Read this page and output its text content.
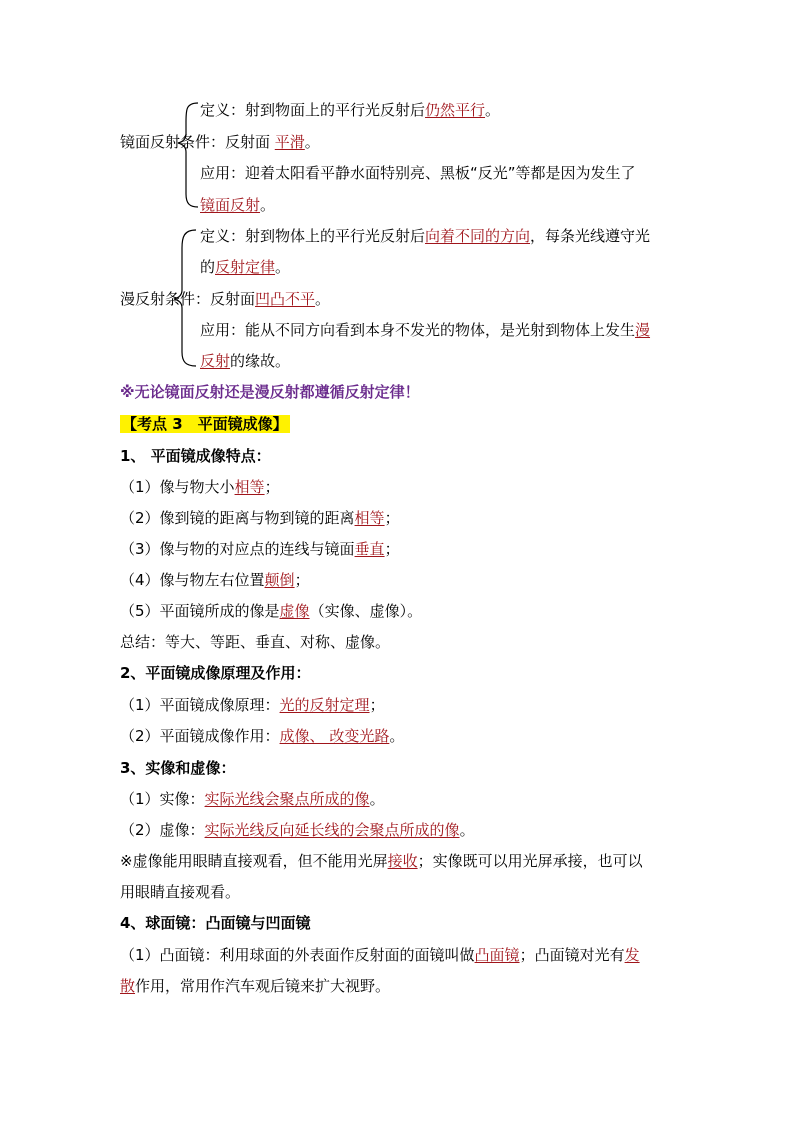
定义：射到物面上的平行光反射后仍然平行。
镜面反射条件：反射面 平滑。
应用：迎着太阳看平静水面特别亮、黑板“反光”等都是因为发生了
镜面反射。
定义：射到物体上的平行光反射后向着不同的方向，每条光线遵守光
的反射定律。
漫反射条件：反射面凹凸不平。
应用：能从不同方向看到本身不发光的物体，是光射到物体上发生漫
反射的缘故。
※无论镜面反射还是漫反射都遵循反射定律！
【考点 3　平面镜成像】
1、 平面镜成像特点：
（1）像与物大小相等；
（2）像到镜的距离与物到镜的距离相等；
（3）像与物的对应点的连线与镜面垂直；
（4）像与物左右位置颠倒；
（5）平面镜所成的像是虚像（实像、虚像）。
总结：等大、等距、垂直、对称、虚像。
2、平面镜成像原理及作用：
（1）平面镜成像原理：光的反射定理；
（2）平面镜成像作用：成像、 改变光路。
3、实像和虚像：
（1）实像：实际光线会聚点所成的像。
（2）虚像：实际光线反向延长线的会聚点所成的像。
※虚像能用眼睛直接观看，但不能用光屏接收；实像既可以用光屏承接，也可以
用眼睛直接观看。
4、球面镜：凸面镜与凹面镜
（1）凸面镜：利用球面的外表面作反射面的面镜叫做凸面镜；凸面镜对光有发
散作用，常用作汽车观后镜来扩大视野。
